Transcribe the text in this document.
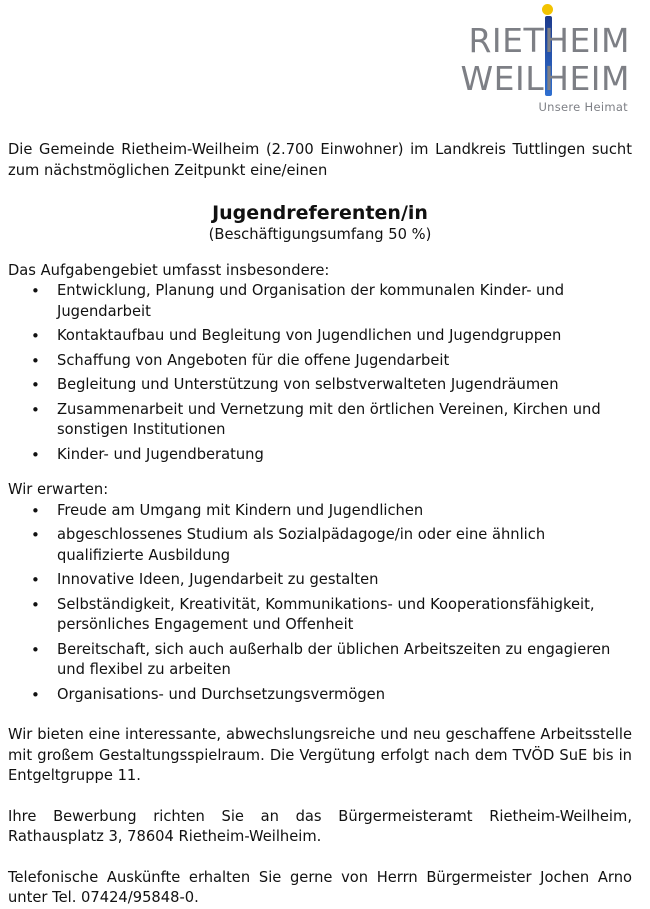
RIETHEIM
WEILHEIM
Unsere Heimat

Die Gemeinde Rietheim-Weilheim (2.700 Einwohner) im Landkreis Tuttlingen sucht zum nächstmöglichen Zeitpunkt eine/einen

Jugendreferenten/in

(Beschäftigungsumfang 50 %)

Das Aufgabengebiet umfasst insbesondere:

• Entwicklung, Planung und Organisation der kommunalen Kinder- und Jugendarbeit
• Kontaktaufbau und Begleitung von Jugendlichen und Jugendgruppen
• Schaffung von Angeboten für die offene Jugendarbeit
• Begleitung und Unterstützung von selbstverwalteten Jugendräumen
• Zusammenarbeit und Vernetzung mit den örtlichen Vereinen, Kirchen und sonstigen Institutionen
• Kinder- und Jugendberatung

Wir erwarten:

• Freude am Umgang mit Kindern und Jugendlichen
• abgeschlossenes Studium als Sozialpädagoge/in oder eine ähnlich qualifizierte Ausbildung
• Innovative Ideen, Jugendarbeit zu gestalten
• Selbständigkeit, Kreativität, Kommunikations- und Kooperationsfähigkeit, persönliches Engagement und Offenheit
• Bereitschaft, sich auch außerhalb der üblichen Arbeitszeiten zu engagieren und flexibel zu arbeiten
• Organisations- und Durchsetzungsvermögen

Wir bieten eine interessante, abwechslungsreiche und neu geschaffene Arbeitsstelle mit großem Gestaltungsspielraum. Die Vergütung erfolgt nach dem TVÖD SuE bis in Entgeltgruppe 11.

Ihre Bewerbung richten Sie an das Bürgermeisteramt Rietheim-Weilheim, Rathausplatz 3, 78604 Rietheim-Weilheim.

Telefonische Auskünfte erhalten Sie gerne von Herrn Bürgermeister Jochen Arno unter Tel. 07424/95848-0.
